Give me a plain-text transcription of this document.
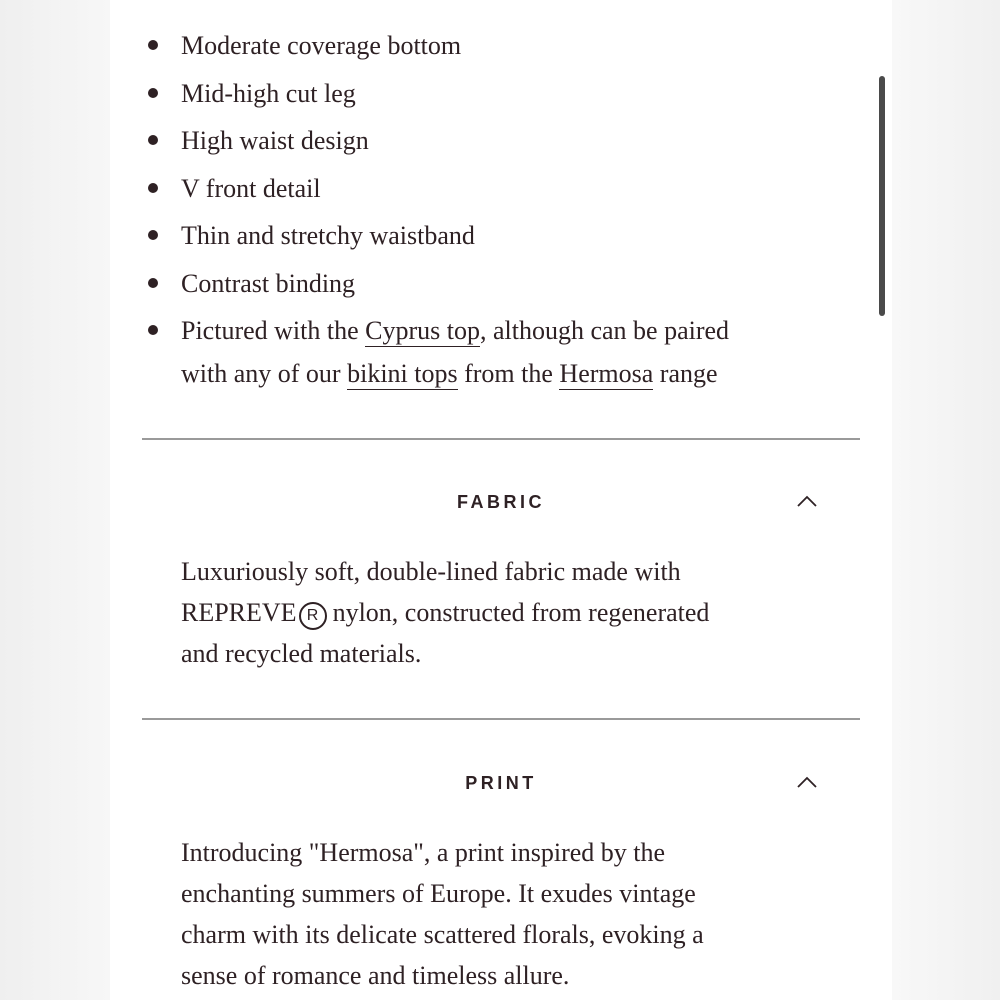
Moderate coverage bottom
Mid-high cut leg
High waist design
V front detail
Thin and stretchy waistband
Contrast binding
Pictured with the Cyprus top, although can be paired
with any of our bikini tops from the Hermosa range
FABRIC
Luxuriously soft, double-lined fabric made with
REPREVE R nylon, constructed from regenerated
and recycled materials.
PRINT
Introducing "Hermosa", a print inspired by the
enchanting summers of Europe. It exudes vintage
charm with its delicate scattered florals, evoking a
sense of romance and timeless allure.
